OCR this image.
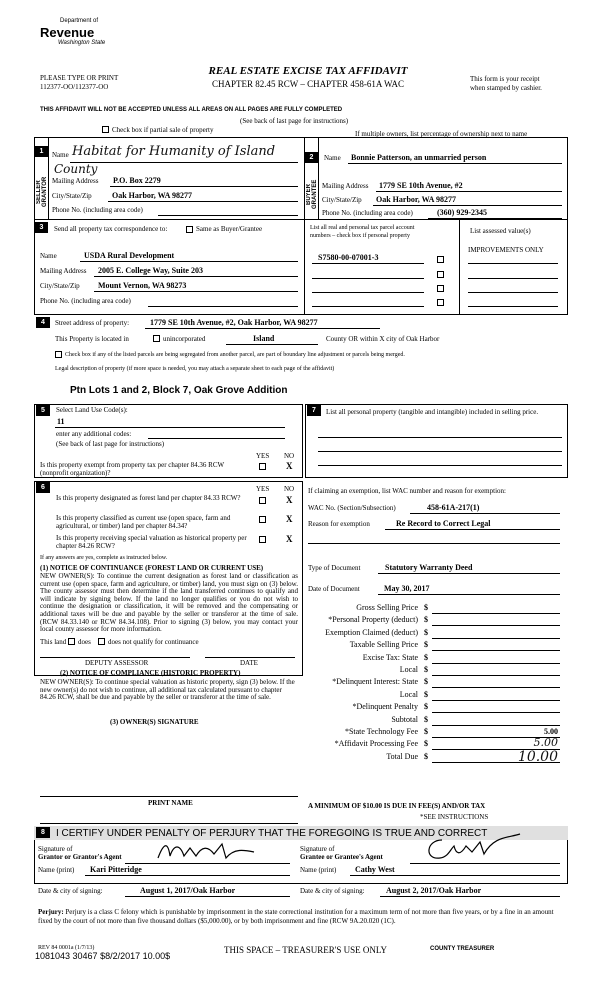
Department of
Revenue
Washington State
PLEASE TYPE OR PRINT
112377-OO/112377-OO
REAL ESTATE EXCISE TAX AFFIDAVIT
CHAPTER 82.45 RCW – CHAPTER 458-61A WAC	This form is your receipt
when stamped by cashier.
THIS AFFIDAVIT WILL NOT BE ACCEPTED UNLESS ALL AREAS ON ALL PAGES ARE FULLY COMPLETED
(See back of last page for instructions)
Check box if partial sale of property	If multiple owners, list percentage of ownership next to name
1
SELLER GRANTOR
Name Habitat for Humanity of Island
County
Mailing Address P.O. Box 2279
City/State/Zip	Oak Harbor, WA 98277
Phone No. (including area code)
2
BUYER GRANTEE
Name Bonnie Patterson, an unmarried person
Mailing Address 1779 SE 10th Avenue, #2
City/State/Zip Oak Harbor, WA 98277
Phone No. (including area code)	(360) 929-2345
3	Send all property tax correspondence to:	Same as Buyer/Grantee
Name	USDA Rural Development
Mailing Address 2005 E. College Way, Suite 203
City/State/Zip Mount Vernon, WA 98273
Phone No. (including area code)
List all real and personal tax parcel account
numbers – check box if personal property
List assessed value(s)
IMPROVEMENTS ONLY
S7580-00-07001-3
4	Street address of property:	1779 SE 10th Avenue, #2, Oak Harbor, WA 98277
This Property is located in	unincorporated	Island	County OR within X city of Oak Harbor
Check box if any of the listed parcels are being segregated from another parcel, are part of boundary line adjustment or parcels being merged.
Legal description of property (if more space is needed, you may attach a separate sheet to each page of the affidavit)
Ptn Lots 1 and 2, Block 7, Oak Grove Addition
5	Select Land Use Code(s):
11
enter any additional codes:
(See back of last page for instructions)
YES NO
Is this property exempt from property tax per chapter 84.36 RCW (nonprofit organization)?
X
6	YES NO
Is this property designated as forest land per chapter 84.33 RCW?	X
Is this property classified as current use (open space, farm and agricultural, or timber) land per chapter 84.34?
X
Is this property receiving special valuation as historical property per chapter 84.26 RCW?
X
If any answers are yes, complete as instructed below.
(1) NOTICE OF CONTINUANCE (FOREST LAND OR CURRENT USE)
NEW OWNER(S): To continue the current designation as forest land or classification as current use (open space, farm and agriculture, or timber) land, you must sign on (3) below. The county assessor must then determine if the land transferred continues to qualify and will indicate by signing below. If the land no longer qualifies or you do not wish to continue the designation or classification, it will be removed and the compensating or additional taxes will be due and payable by the seller or transferor at the time of sale. (RCW 84.33.140 or RCW 84.34.108). Prior to signing (3) below, you may contact your local county assessor for more information.
This land does does not qualify for continuance
DEPUTY ASSESSOR	DATE
(2) NOTICE OF COMPLIANCE (HISTORIC PROPERTY)
NEW OWNER(S): To continue special valuation as historic property, sign (3) below. If the new owner(s) do not wish to continue, all additional tax calculated pursuant to chapter 84.26 RCW, shall be due and payable by the seller or transferor at the time of sale.
(3) OWNER(S) SIGNATURE
PRINT NAME
7	List all personal property (tangible and intangible) included in selling price.
If claiming an exemption, list WAC number and reason for exemption:
WAC No. (Section/Subsection)	458-61A-217(1)
Reason for exemption	Re Record to Correct Legal
Type of Document	Statutory Warranty Deed
Date of Document	May 30, 2017
Gross Selling Price $
*Personal Property (deduct) $
Exemption Claimed (deduct) $
Taxable Selling Price $
Excise Tax: State $
Local $
*Delinquent Interest: State $
Local $
*Delinquent Penalty $
Subtotal $
*State Technology Fee $	5.00
*Affidavit Processing Fee $	5.00
Total Due $	10.00
A MINIMUM OF $10.00 IS DUE IN FEE(S) AND/OR TAX
*SEE INSTRUCTIONS
8	I CERTIFY UNDER PENALTY OF PERJURY THAT THE FOREGOING IS TRUE AND CORRECT
Signature of
Grantor or Grantor's Agent
Name (print) Kari Pitteridge
Signature of
Grantee or Grantee's Agent
Name (print) Cathy West
Date & city of signing:	August 1, 2017/Oak Harbor	Date & city of signing:	August 2, 2017/Oak Harbor
Perjury: Perjury is a class C felony which is punishable by imprisonment in the state correctional institution for a maximum term of not more than five years, or by a fine in an amount fixed by the court of not more than five thousand dollars ($5,000.00), or by both imprisonment and fine (RCW 9A.20.020 (1C).
REV 84 0001a (1/7/13)
1081043 30467 $8/2/2017 10.00$
THIS SPACE – TREASURER'S USE ONLY	COUNTY TREASURER
